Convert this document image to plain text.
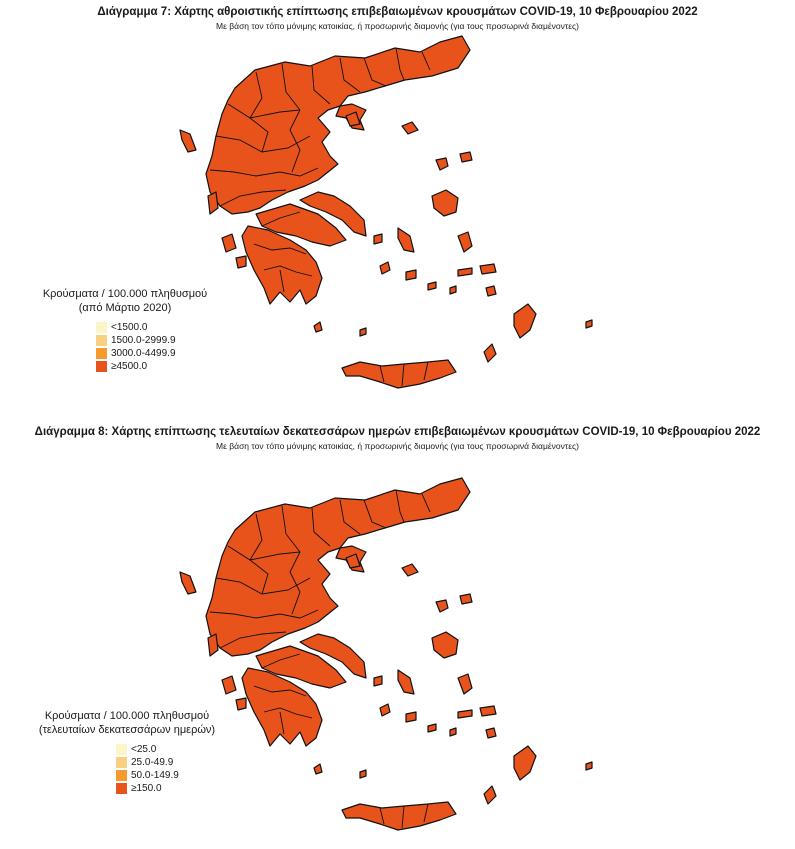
Διάγραμμα 7: Χάρτης αθροιστικής επίπτωσης επιβεβαιωμένων κρουσμάτων COVID-19, 10 Φεβρουαρίου 2022
Με βάση τον τόπο μόνιμης κατοικίας, ή προσωρινής διαμονής (για τους προσωρινά διαμένοντες)
Κρούσματα / 100.000 πληθυσμού
(από Μάρτιο 2020)
<1500.0
1500.0-2999.9
3000.0-4499.9
≥4500.0
Διάγραμμα 8: Χάρτης επίπτωσης τελευταίων δεκατεσσάρων ημερών επιβεβαιωμένων κρουσμάτων COVID-19, 10 Φεβρουαρίου 2022
Με βάση τον τόπο μόνιμης κατοικίας, ή προσωρινής διαμονής (για τους προσωρινά διαμένοντες)
Κρούσματα / 100.000 πληθυσμού
(τελευταίων δεκατεσσάρων ημερών)
<25.0
25.0-49.9
50.0-149.9
≥150.0
